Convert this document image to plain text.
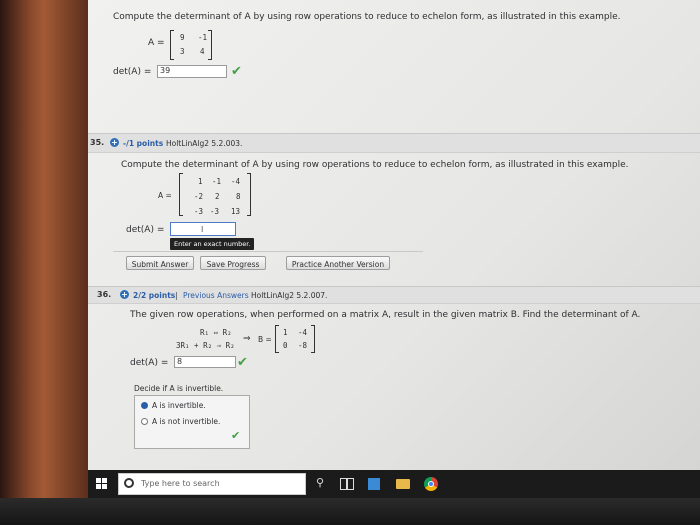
Compute the determinant of A by using row operations to reduce to echelon form, as illustrated in this example.
A =
9 -1
3 4
det(A) =	39	✔
35. + -/1 points HoltLinAlg2 5.2.003.
Compute the determinant of A by using row operations to reduce to echelon form, as illustrated in this example.
A =
1 -1 -4
-2 2 8
-3 -3 13
det(A) =	I
Enter an exact number.
Submit Answer	Save Progress	Practice Another Version
36. + 2/2 points | Previous Answers HoltLinAlg2 5.2.007.
The given row operations, when performed on a matrix A, result in the given matrix B. Find the determinant of A.
R₁ ⇔ R₂
3R₁ + R₂ ⇒ R₂
⇒ B =
1 -4
0 -8
det(A) =	8	✔
Decide if A is invertible.
A is invertible.
A is not invertible.
✔
Type here to search	⚲
